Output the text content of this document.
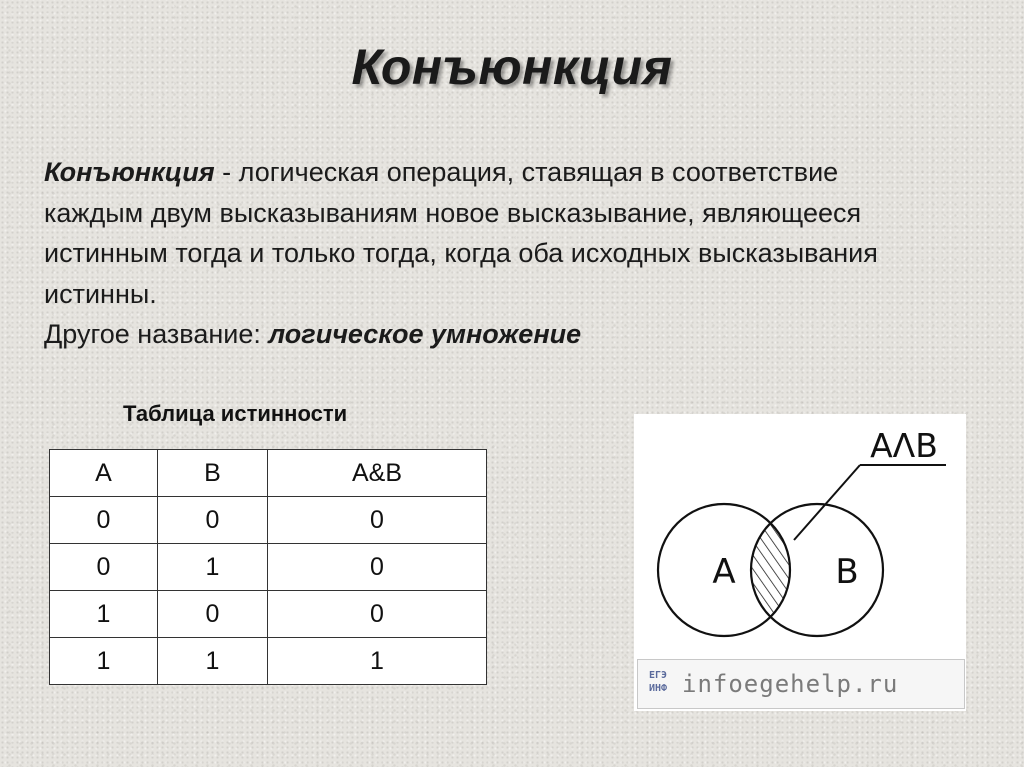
Конъюнкция

Конъюнкция - логическая операция, ставящая в соответствие каждым двум высказываниям новое высказывание, являющееся истинным тогда и только тогда, когда оба исходных высказывания истинны.
Другое название: логическое умножение

Таблица истинности
A	B	A&B
0	0	0
0	1	0
1	0	0
1	1	1
A	B
AΛB
ЕГЭ
ИНФ infoegehelp.ru
